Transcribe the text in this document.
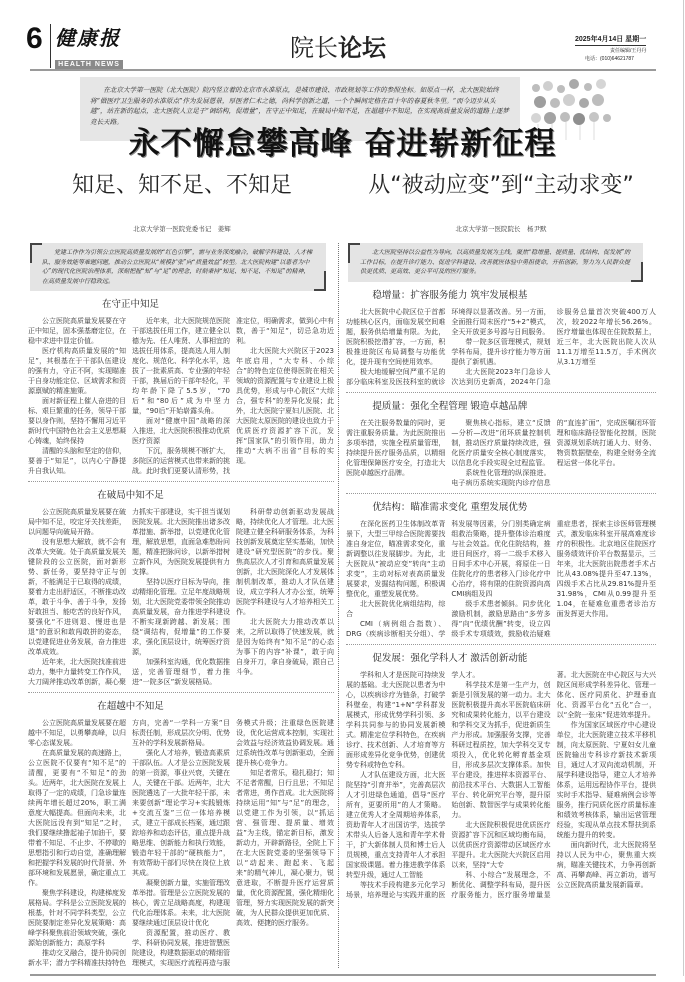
6 健康报
HEALTH NEWS
院长论坛	2025年4月14日 星期一
责任编辑/王丹丹
电话：(010)64621787
在北京大学第一医院（北大医院）院内竖立着的北京市水准原点，是城市建设、市政规划等工作的参照坐标。如原点一样，北大医院始终将“做医疗卫生服务的水准原点”作为发展愿景，厚医者仁术之德，尚科学创新之道，一个个瞬间定格在百十年的春夏秋冬里。“而今迈步从头越”，站在新的起点，北大医院人立足于“调结构，促增量”，在守正中知足，在破局中知不足，在超越中不知足，在实现高质量发展的道路上逐梦竞长天路。
永不懈怠攀高峰 奋进崭新征程
知足、知不足、不知足	从“被动应变”到“主动求变”
北京大学第一医院党委书记　姜辉	北京大学第一医院院长　杨尹默
党建工作作为引领公立医院高质量发展的“红色引擎”，需与业务深度融合，破解学科建设、人才梯队、服务效能等难题问题，推动公立医院从“规模扩张”向“质量效益”转型。北大医院构建“以患者为中心”的现代化医院治理体系，深刻把握“知”与“足”的理念，时刻秉持“知足、知不足、不知足”的精神，在高质量发展中行稳致远。
在守正中知足

公立医院高质量发展要在守正中知足，固本强基磨定位，在稳中求进中显定价值。

医疗机构高质量发展的“知足”，其根基在于干部队伍建设的强有力，守正不阿，实现瞄准于自身功能定位、区域需求和资源禀赋的精准施策。

面对新征程上催人奋进的目标、艰巨繁重的任务，领导干部要以身作则，坚持不懈用习近平新时代中国特色社会主义思想凝心铸魂，始终保持

清醒的头脑和坚定的信仰，要善于“知足”，以内心宁静提升自我认知。

近年来，北大医院规范医院干部选拔任用工作，建立健全以德为先、任人唯贤、人事相宜的选拔任用体系，提高选人用人制度化、规范化、科学化水平，选拔了一批素质高、专业强的年轻干部，换届后的干部年轻化，平均年龄下降了5.5岁，“70后”和“80后”成为中坚力量，“90后”开始崭露头角。

面对“健康中国”战略的深入推进，北大医院积极推动优质医疗资源

下沉，服务规模不断扩大，多院区的运营模式也带来新的挑战。此时我们更要认清形势，找准定位，明确需求，做到心中有数，善于“知足”，切忌急功近利。

北大医院大兴院区于2023年底启用，“大专科、小综合”的特色定位使得医院在相关领域的资源配置与专业建设上极具优势，形成与中心院区“大综合，强专科”的差异化发展；此外，北大医院宁夏妇儿医院、北大医院太原医院的建设也致力于优质医疗资源扩容下沉，发挥“国家队”的引领作用，助力推动“大病不出省”目标的实现。

在破局中知不足

公立医院高质量发展要在破局中知不足，咬定牙关找差距，以问题导向破局开路。

没有思想大解放，就不会有改革大突破。处于高质量发展关键阶段的公立医院，面对新形势、新任务，要坚持守正与创新，不能满足于已取得的成绩，要着力走出舒适区，不断推动改革，敢于斗争、善于斗争，发扬好敢担当、能吃苦的良好作风，要强化“不进则退、慢进也是退”的意识和敢闯敢拼的姿态，以党建促进业务发展，奋力推进改革成效。

近年来，北大医院找准前进动力，集中力量转变工作作风，大刀阔斧推动改革创新，凝心聚力抓实干部建设，实干担当谋划医院发展。北大医院推出诸多改革措施、新举措，以党建优化管理，解放思想，直面急难愁盼问题，精准把脉问诊，以新举措树立新作风，为医院发展提供有力支撑。

坚持以医疗目标为导向，推动精细化管理。立足年度战略规划，北大医院党委带领全院推动高质量发展，奋力推进学科建设不断实现新跨越、新发展；围绕“调结构，促增量”的工作要求，强化顶层设计，统筹医疗资源，

加强科室沟通，优化数据推送，完善管理细节，着力推进“一院多区”新发展格局。

科研带动创新驱动发展战略，持续优化人才管理。北大医院建立健全科研服务体系，为科技创新发展奠定坚实基础，加快建设“研究型医院”的步伐。聚焦高层次人才引育和高质量发展创新，北大医院深化人才发展体制机制改革，推动人才队伍建设，成立学科人才办公室，统筹医院学科建设与人才培养相关工作。

北大医院大力推动改革以来，之所以取得了快速发展，就是因为始终有“知不足”的心态为事下的内容“补课”，敢于向自身开刀，拿自身破局，跟自己斗争。

在超越中不知足

公立医院高质量发展要在超越中不知足，以勇攀高峰，以归零心态谋发展。

在高质量发展的高速路上，公立医院不仅要有“知不足”的清醒，更要有“不知足”的劲头。近两年，北大医院在发展上取得了一定的成绩，门急诊量连续两年增长超过20%，职工满意度大幅提高。但面向未来，北大医院远没有到“知足”之时，我们要继续撸起袖子加油干，要带着不知足、不止步、不停歇的思想指引和行动自觉，准确理解和把握学科发展的时代背景、外部环境和发展愿景，确定重点工作。

聚焦学科建设，构建梯度发展格局。学科是公立医院发展的根基，针对不同学科类型，公立医院要制定差异化发展策略：高峰学科聚焦前沿领域突破，强化源始创新能力；高原学科

推动交叉融合，提升协同创新水平；潜力学科精准扶持特色方向，完善“一学科一方案”目标责任制，形成层次分明、优势互补的学科发展新格局。

强化人才培养，锻造高素质干部队伍。人才是公立医院发展的第一资源，事业兴衰，关键在人，关键在干部。近两年，北大医院遴选了一大批年轻干部，未来要创新“理论学习+实践锻炼+交流互鉴”三位一体培养模式，建立干部成长档案，通过跟踪培养和动态评估，重点提升战略思维、创新能力和执行效能，锻造年轻干部的“硬核能力”，有效帮助干部们尽快在岗位上放其成。

凝聚创新力量，实施管理改革举措。管理是公立医院发展的核心，需立足战略高度，构建现代化治理体系。未来，北大医院要继续通过顶层设计优化

资源配置，推动医疗、教学、科研协同发展，推进智慧医院建设，构建数据驱动的精细管理模式，实现医疗流程再造与服务模式升级；注重绿色医院建设，优化运营成本控制，实现社会效益与经济效益协调发展。通过系统性改革与创新驱动，全面提升核心竞争力。

知足者常乐，稳扎稳打；知不足者常醒，日行且思；不知足者常进，勇作首成。北大医院将持续运用“知”与“足”的理念，以党建工作为引领，以“抓运营、强管理、提质量、增效益”为主线，锚定新目标，激发新动力，开辟新路径，全院上下在北大医院党委的坚强领导下以“动起来、跑起来、飞起来”的精气神儿，凝心聚力，锐意进取，不断提升医疗运营质量，优化资源配置，强化精细化管理，努力实现医院发展的新突破，为人民群众提供更加优质、高效、便捷的医疗服务。

北大医院坚持以公益性为导向，以高质量发展为主线，聚焦“稳增量、提质量、优结构、促发展”的工作目标，在提升诊疗能力、促进学科建设、改善就医体验中勇担使命，开拓创新，努力为人民群众提供更优质、更高效、更公平可及的医疗服务。
稳增量：扩容服务能力 筑牢发展根基

北大医院中心院区位于首都功能核心区内，面临发展空间难题，服务供给增量有限。为此，医院积极挖潜扩容，一方面，积极推进院区布局调整与功能优化，提升现有空间使用效率。

极大地缓解空间严重不足的部分临床科室及医技科室的就诊环境得以显著改善。另一方面，全面推行周末医疗“5+2”模式，全天开放更多号源与日间服务。

带一院多区管理模式，规划学科布局，提升诊疗能力等方面提供了新机遇。

北大医院2023年门急诊人次达到历史新高，2024年门急诊服务总量首次突破400万人次，较2022年增长56.26%。医疗增量也体现在住院数据上，近三年，北大医院出院人次从11.1万增至11.5万，手术例次从3.1万增至

提质量：强化全程管理 锻造卓越品牌

在关注服务数量的同时，更需注重服务质量。为此医院推出多项举措，实施全程质量管理，持续提升医疗服务品质，以精细化管理保障医疗安全，打造北大医院卓越医疗品牌。

聚焦核心指标，建立“反馈—分析—改进”闭环质量控制机制，推动医疗质量持续改进，强化医疗质量安全核心制度落实，以信息化手段实现全过程监管。

系统性化管理的纵深推进。电子病历系统实现院内诊疗信息的“直连扩面”，完成医嘱闭环管理和临床路径智能化控制，医院资源规划系统打通人力、财务、物资数据壁垒，构建全财务全流程运营一体化平台。

优结构：瞄准需求变化 重塑发展优势

在深化医药卫生体制改革背景下，大型三甲综合医院需要找准自身定位，瞄准需求变化，重新调整以往发展脚步。为此，北大医院从“被动应变”转向“主动求变”，主动对标对表高质量发展要求，发掘结构问题，积极调整优化，重塑发展优势。

北大医院优化病组结构，综合

CMI（病例组合指数）、DRG（疾病诊断相关分组）、学科发展等因素，分门别类确定病组救治策略，提升整体诊治难度与社会效益。优化住院结构，推进日间医疗，将一二级手术移入日间手术中心开展，将原住一日住院化疗的患者移入门诊化疗中心治疗，将有限的住院资源向高CMI病组及四

级手术患者倾斜。同步优化激励机制，激励思路由“多劳多得”向“优绩优酬”转变，设立四级手术专项绩效，鼓励收治疑难重症患者，探索主诊医师管理模式，激发临床科室开展高难度诊疗的积极性。北京地区住院医疗服务绩效评价平台数据显示，三年来，北大医院出院患者手术占比从43.08%提升至47.13%，四级手术占比从29.81%提升至31.98%，CMI从0.99提升至1.04，在疑难危重患者诊治方面发挥更大作用。

促发展：强化学科人才 激活创新动能

学科和人才是医院可持续发展的基础。北大医院以患者为中心，以疾病诊疗为链条，打破学科壁垒，构建“1+N”学科群发展模式，形成优势学科引领、多学科共同参与的协同发展新模式。精准定位学科特色，在疾病诊疗、技术创新、人才培育等方面形成差异化竞争优势，创建优势专科或特色专科。

人才队伍建设方面，北大医院坚持“引育并举”，完善高层次人才引进绿色通道，倡导“医疗所有，更要所用”的人才策略。建立优秀人才全周期培养体系，资助青年人才出国访学，选拔学术带头人后备人选和青年学术骨干，扩大新体制人员和博士后人员规模，重点支持青年人才承担国家级课题。着力推进教学体系转型升级，通过人工智能

等技术手段构建多元化学习场景，培养理论与实践并重的医学人才。

科学技术是第一生产力，创新是引领发展的第一动力。北大医院积极提升高水平医院临床研究和成果转化能力，以平台建设和学科交叉为抓手，促进新质生产力形成。加强服务支撑，完善科研过程质控，加大学科交叉专项投入，优化转化孵育基金项目，形成多层次支撑体系。加快平台建设，推进样本资源平台、前沿技术平台、大数据人工智能平台、转化研究平台等，提升原始创新、数智医学与成果转化能力。

北大医院积极促进优质医疗资源扩容下沉和区域均衡布局，以优质医疗资源带动区域医疗水平提升。北大医院大兴院区启用以来，坚持“大专

科、小综合”发展理念，不断优化、调整学科布局，提升医疗服务能力，医疗服务增量显著。北大医院在中心院区与大兴院区间形成学科差异化、管理一体化、医疗同质化、护理垂直化、资源平台化“五化”合一，以“全院一张床”促进效率提升。

作为国家区域医疗中心建设单位，北大医院建立技术平移机制，向太原医院、宁夏妇女儿童医院输出专科诊疗新技术新项目，通过人才双向流动机制，开展学科建设指导，建立人才培养体系，运用远程协作平台，提供实时手术指导、疑难病例会诊等服务，推行同质化医疗质量标准和绩效考核体系，输出运营管理经验，实现从单点技术帮扶到系统能力提升的转变。

面向新时代，北大医院将坚持以人民为中心，聚焦重大疾病，瞄准关键技术，力争再创新高、再攀高峰、再立新功，谱写公立医院高质量发展新篇章。
